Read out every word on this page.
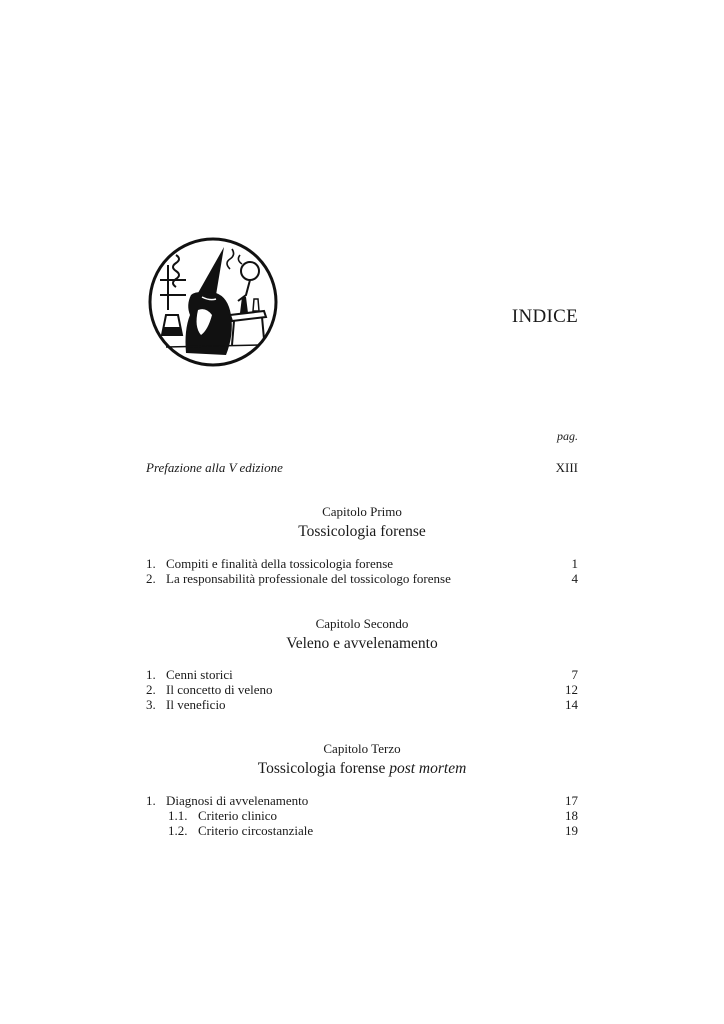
INDICE
pag.
Prefazione alla V edizione	XIII
Capitolo Primo
Tossicologia forense
1. Compiti e finalità della tossicologia forense	1
2. La responsabilità professionale del tossicologo forense	4
Capitolo Secondo
Veleno e avvelenamento
1. Cenni storici	7
2. Il concetto di veleno	12
3. Il veneficio	14
Capitolo Terzo
Tossicologia forense post mortem
1. Diagnosi di avvelenamento	17
1.1. Criterio clinico	18
1.2. Criterio circostanziale	19
